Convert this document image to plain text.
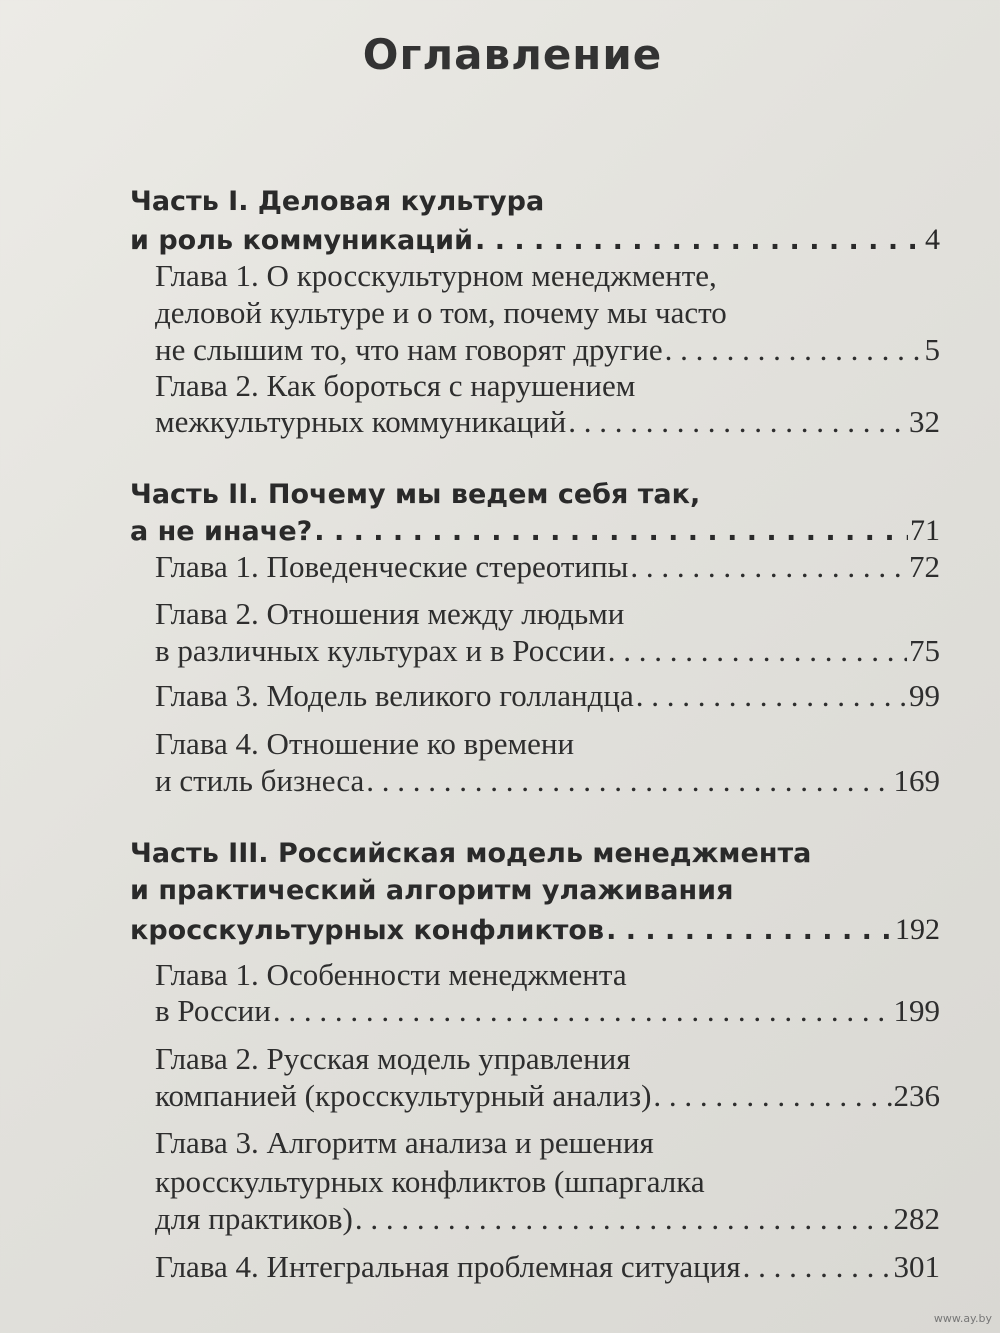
Оглавление
Часть I. Деловая культура
и роль коммуникаций . . .	4
Глава 1. О кросскультурном менеджменте,
деловой культуре и о том, почему мы часто
не слышим то, что нам говорят другие . . .	5
Глава 2. Как бороться с нарушением
межкультурных коммуникаций . . .	32
Часть II. Почему мы ведем себя так,
а не иначе? . . .	71
Глава 1. Поведенческие стереотипы . . .	72
Глава 2. Отношения между людьми
в различных культурах и в России . . .	75
Глава 3. Модель великого голландца . . .	99
Глава 4. Отношение ко времени
и стиль бизнеса . . .	169
Часть III. Российская модель менеджмента
и практический алгоритм улаживания
кросскультурных конфликтов . . .	192
Глава 1. Особенности менеджмента
в России . . .	199
Глава 2. Русская модель управления
компанией (кросскультурный анализ) . . .	236
Глава 3. Алгоритм анализа и решения
кросскультурных конфликтов (шпаргалка
для практиков) . . .	282
Глава 4. Интегральная проблемная ситуация . . .	301
www.ay.by
